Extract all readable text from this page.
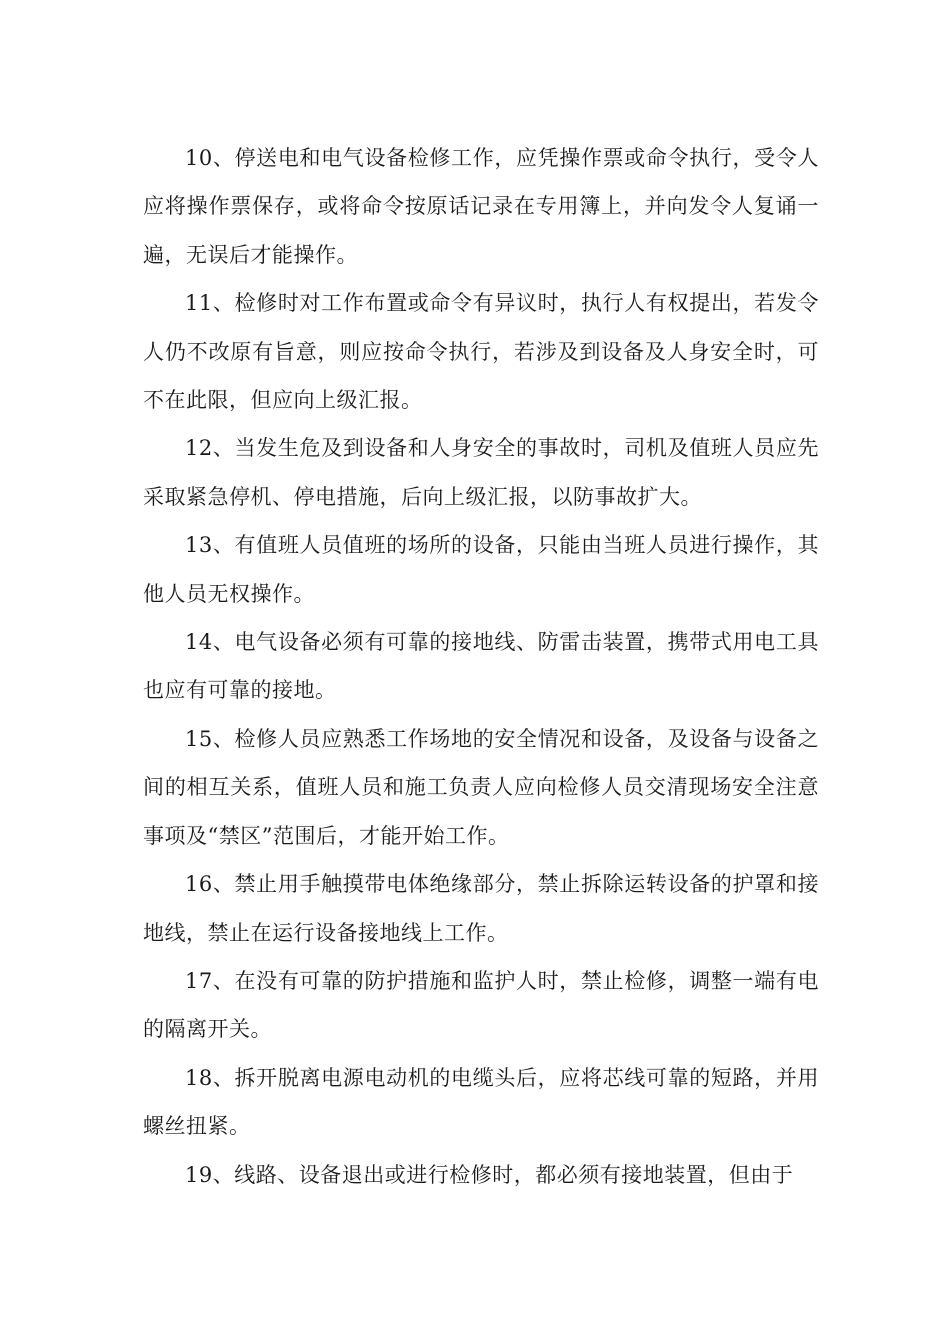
10、停送电和电气设备检修工作，应凭操作票或命令执行，受令人应将操作票保存，或将命令按原话记录在专用簿上，并向发令人复诵一遍，无误后才能操作。

11、检修时对工作布置或命令有异议时，执行人有权提出，若发令人仍不改原有旨意，则应按命令执行，若涉及到设备及人身安全时，可不在此限，但应向上级汇报。

12、当发生危及到设备和人身安全的事故时，司机及值班人员应先采取紧急停机、停电措施，后向上级汇报，以防事故扩大。

13、有值班人员值班的场所的设备，只能由当班人员进行操作，其他人员无权操作。

14、电气设备必须有可靠的接地线、防雷击装置，携带式用电工具也应有可靠的接地。

15、检修人员应熟悉工作场地的安全情况和设备，及设备与设备之间的相互关系，值班人员和施工负责人应向检修人员交清现场安全注意事项及“禁区”范围后，才能开始工作。

16、禁止用手触摸带电体绝缘部分，禁止拆除运转设备的护罩和接地线，禁止在运行设备接地线上工作。

17、在没有可靠的防护措施和监护人时，禁止检修，调整一端有电的隔离开关。

18、拆开脱离电源电动机的电缆头后，应将芯线可靠的短路，并用螺丝扭紧。

19、线路、设备退出或进行检修时，都必须有接地装置，但由于
